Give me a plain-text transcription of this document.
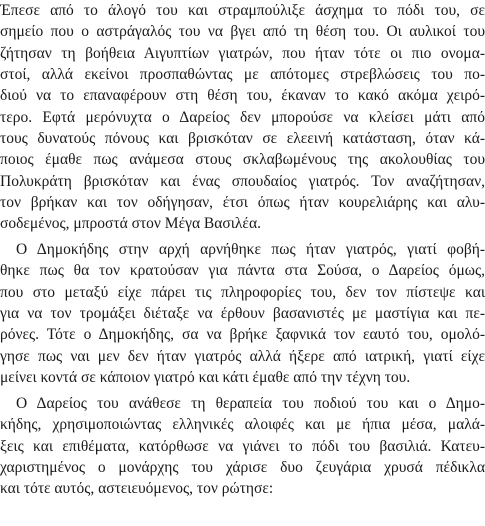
Έπεσε από το άλογό του και στραμπούλιξε άσχημα το πόδι του, σε
σημείο που ο αστράγαλός του να βγει από τη θέση του. Οι αυλικοί του
ζήτησαν τη βοήθεια Αιγυπτίων γιατρών, που ήταν τότε οι πιο ονομα-
στοί, αλλά εκείνοι προσπαθώντας με απότομες στρεβλώσεις του πο-
διού να το επαναφέρουν στη θέση του, έκαναν το κακό ακόμα χειρό-
τερο. Εφτά μερόνυχτα ο Δαρείος δεν μπορούσε να κλείσει μάτι από
τους δυνατούς πόνους και βρισκόταν σε ελεεινή κατάσταση, όταν κά-
ποιος έμαθε πως ανάμεσα στους σκλαβωμένους της ακολουθίας του
Πολυκράτη βρισκόταν και ένας σπουδαίος γιατρός. Τον αναζήτησαν,
τον βρήκαν και τον οδήγησαν, έτσι όπως ήταν κουρελιάρης και αλυ-
σοδεμένος, μπροστά στον Μέγα Βασιλέα.
Ο Δημοκήδης στην αρχή αρνήθηκε πως ήταν γιατρός, γιατί φοβή-
θηκε πως θα τον κρατούσαν για πάντα στα Σούσα, ο Δαρείος όμως,
που στο μεταξύ είχε πάρει τις πληροφορίες του, δεν τον πίστεψε και
για να τον τρομάξει διέταξε να έρθουν βασανιστές με μαστίγια και πε-
ρόνες. Τότε ο Δημοκήδης, σα να βρήκε ξαφνικά τον εαυτό του, ομολό-
γησε πως ναι μεν δεν ήταν γιατρός αλλά ήξερε από ιατρική, γιατί είχε
μείνει κοντά σε κάποιον γιατρό και κάτι έμαθε από την τέχνη του.
Ο Δαρείος του ανάθεσε τη θεραπεία του ποδιού του και ο Δημο-
κήδης, χρησιμοποιώντας ελληνικές αλοιφές και με ήπια μέσα, μαλά-
ξεις και επιθέματα, κατόρθωσε να γιάνει το πόδι του βασιλιά. Κατευ-
χαριστημένος ο μονάρχης του χάρισε δυο ζευγάρια χρυσά πέδικλα
και τότε αυτός, αστειευόμενος, τον ρώτησε:
